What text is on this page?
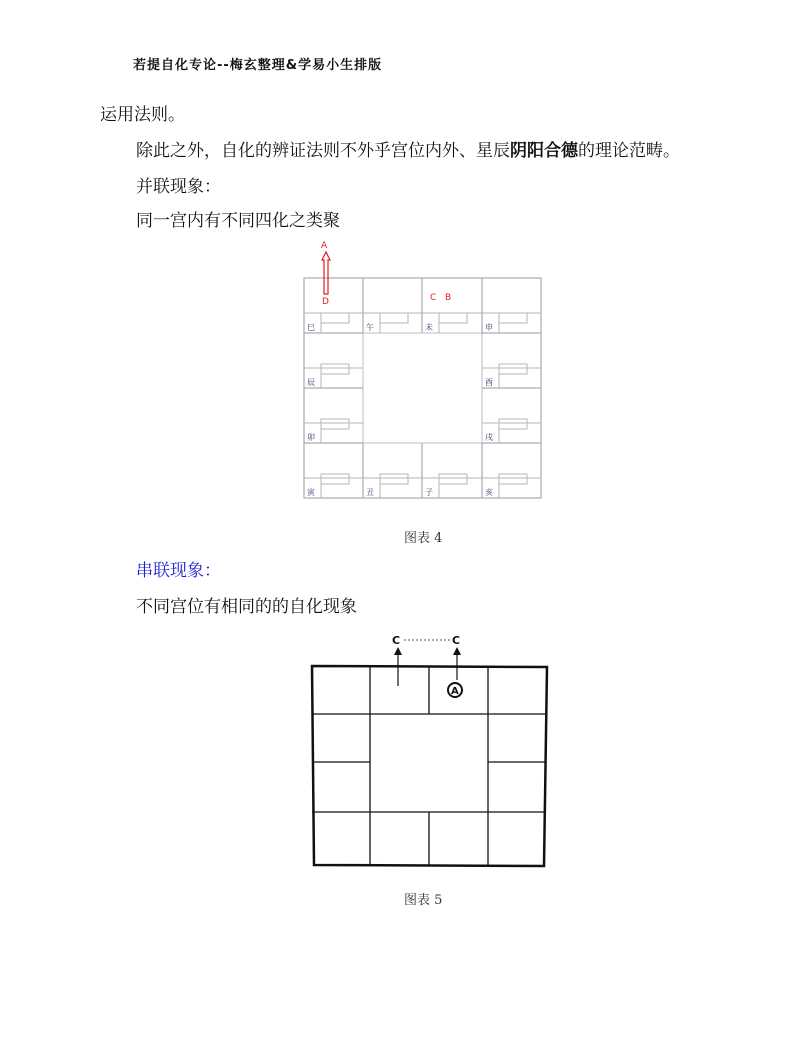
若提自化专论--梅玄整理&学易小生排版
运用法则。
除此之外，自化的辨证法则不外乎宫位内外、星辰阴阳合德的理论范畴。
并联现象：
同一宫内有不同四化之类聚
巳	午	未	申
辰	酉
卯	戌
寅	丑	子	亥
A
D	C B
图表 4
串联现象：
不同宫位有相同的的自化现象
C	C
A
图表 5
